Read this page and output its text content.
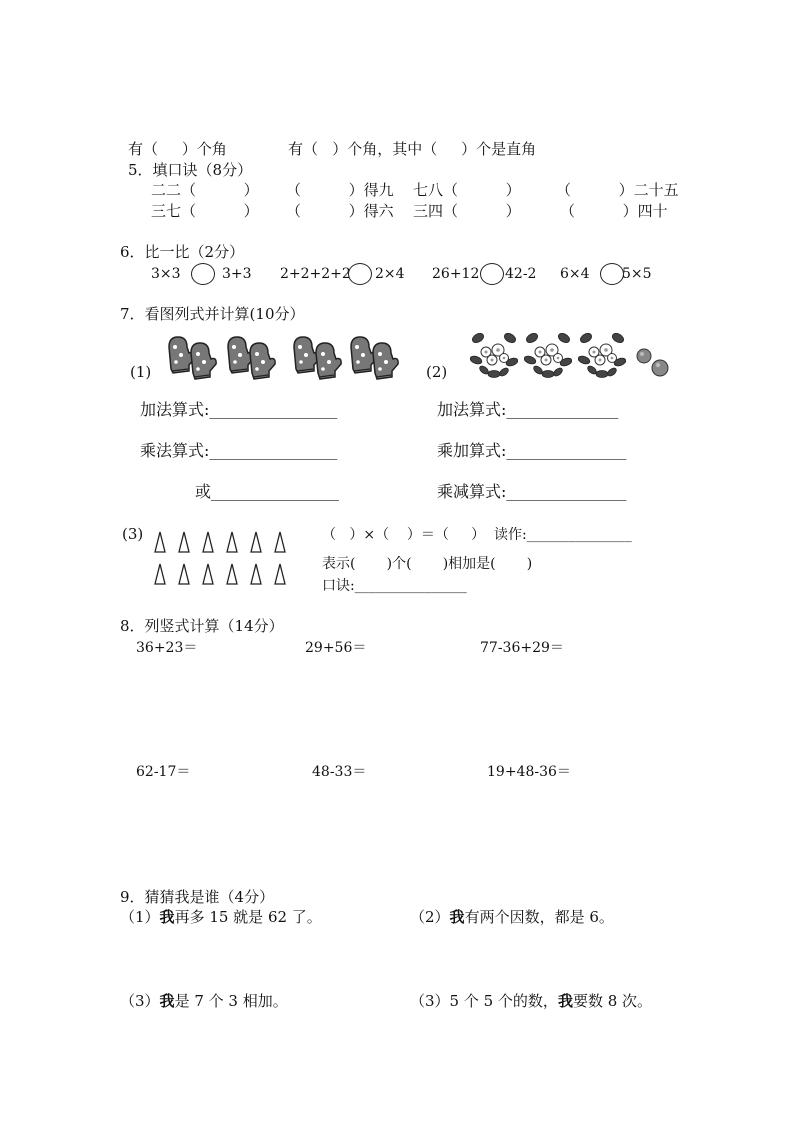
有（     ）个角	有（   ）个角，其中（     ）个是直角
5．填口诀（8分）
二二（          ） （          ）得九 七八（          ） （          ）二十五
三七（          ） （          ）得六 三四（          ）	（          ）四十
6．比一比（2分）
3×3	3+3 2+2+2+2 2×4 26+12 42-2 6×4 5×5
7．看图列式并计算(10分）
(1)	(2)
加法算式:________________
乘法算式:________________
或________________
加法算式:______________
乘加算式:_______________
乘减算式:_______________
(3)	（   ）×（    ）＝（     ）  读作:_______________
表示(       )个(       )相加是(       )
口诀:________________
8．列竖式计算（14分）
36+23＝	29+56＝	77-36+29＝
62-17＝	48-33＝	19+48-36＝
9．猜猜我是谁（4分）
（1）我再多 15 就是 62 了。	（2）我有两个因数，都是 6。
（3）我是 7 个 3 相加。	（3）5 个 5 个的数，我要数 8 次。
